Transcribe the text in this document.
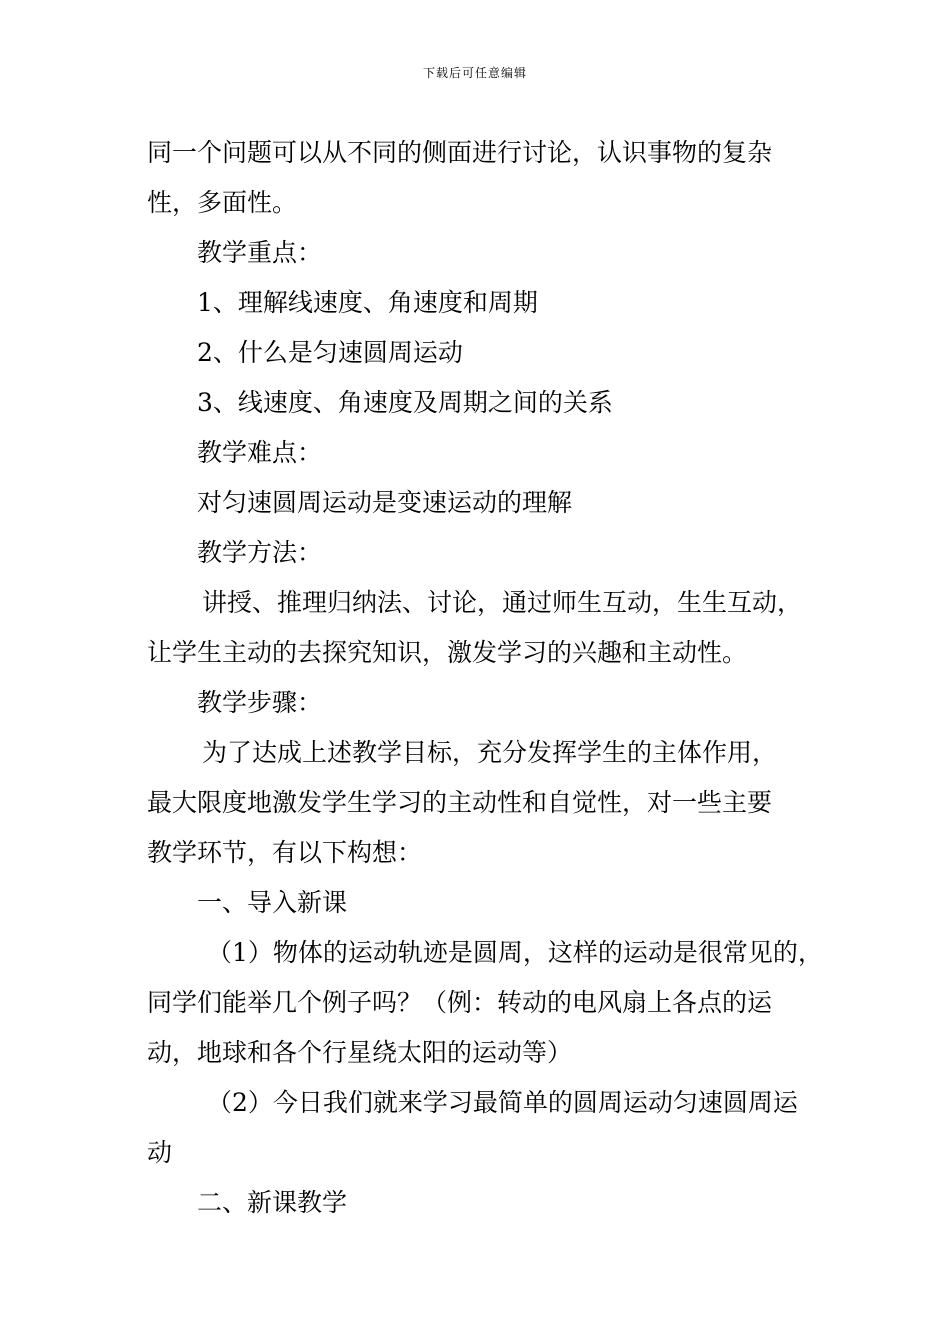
下载后可任意编辑

同一个问题可以从不同的侧面进行讨论，认识事物的复杂

性，多面性。

教学重点：

1、理解线速度、角速度和周期

2、什么是匀速圆周运动

3、线速度、角速度及周期之间的关系

教学难点：

对匀速圆周运动是变速运动的理解

教学方法：

讲授、推理归纳法、讨论，通过师生互动，生生互动，

让学生主动的去探究知识，激发学习的兴趣和主动性。

教学步骤：

为了达成上述教学目标，充分发挥学生的主体作用，

最大限度地激发学生学习的主动性和自觉性，对一些主要

教学环节，有以下构想：

一、导入新课

（1）物体的运动轨迹是圆周，这样的运动是很常见的，

同学们能举几个例子吗？（例：转动的电风扇上各点的运

动，地球和各个行星绕太阳的运动等）

（2）今日我们就来学习最简单的圆周运动匀速圆周运

动

二、新课教学
